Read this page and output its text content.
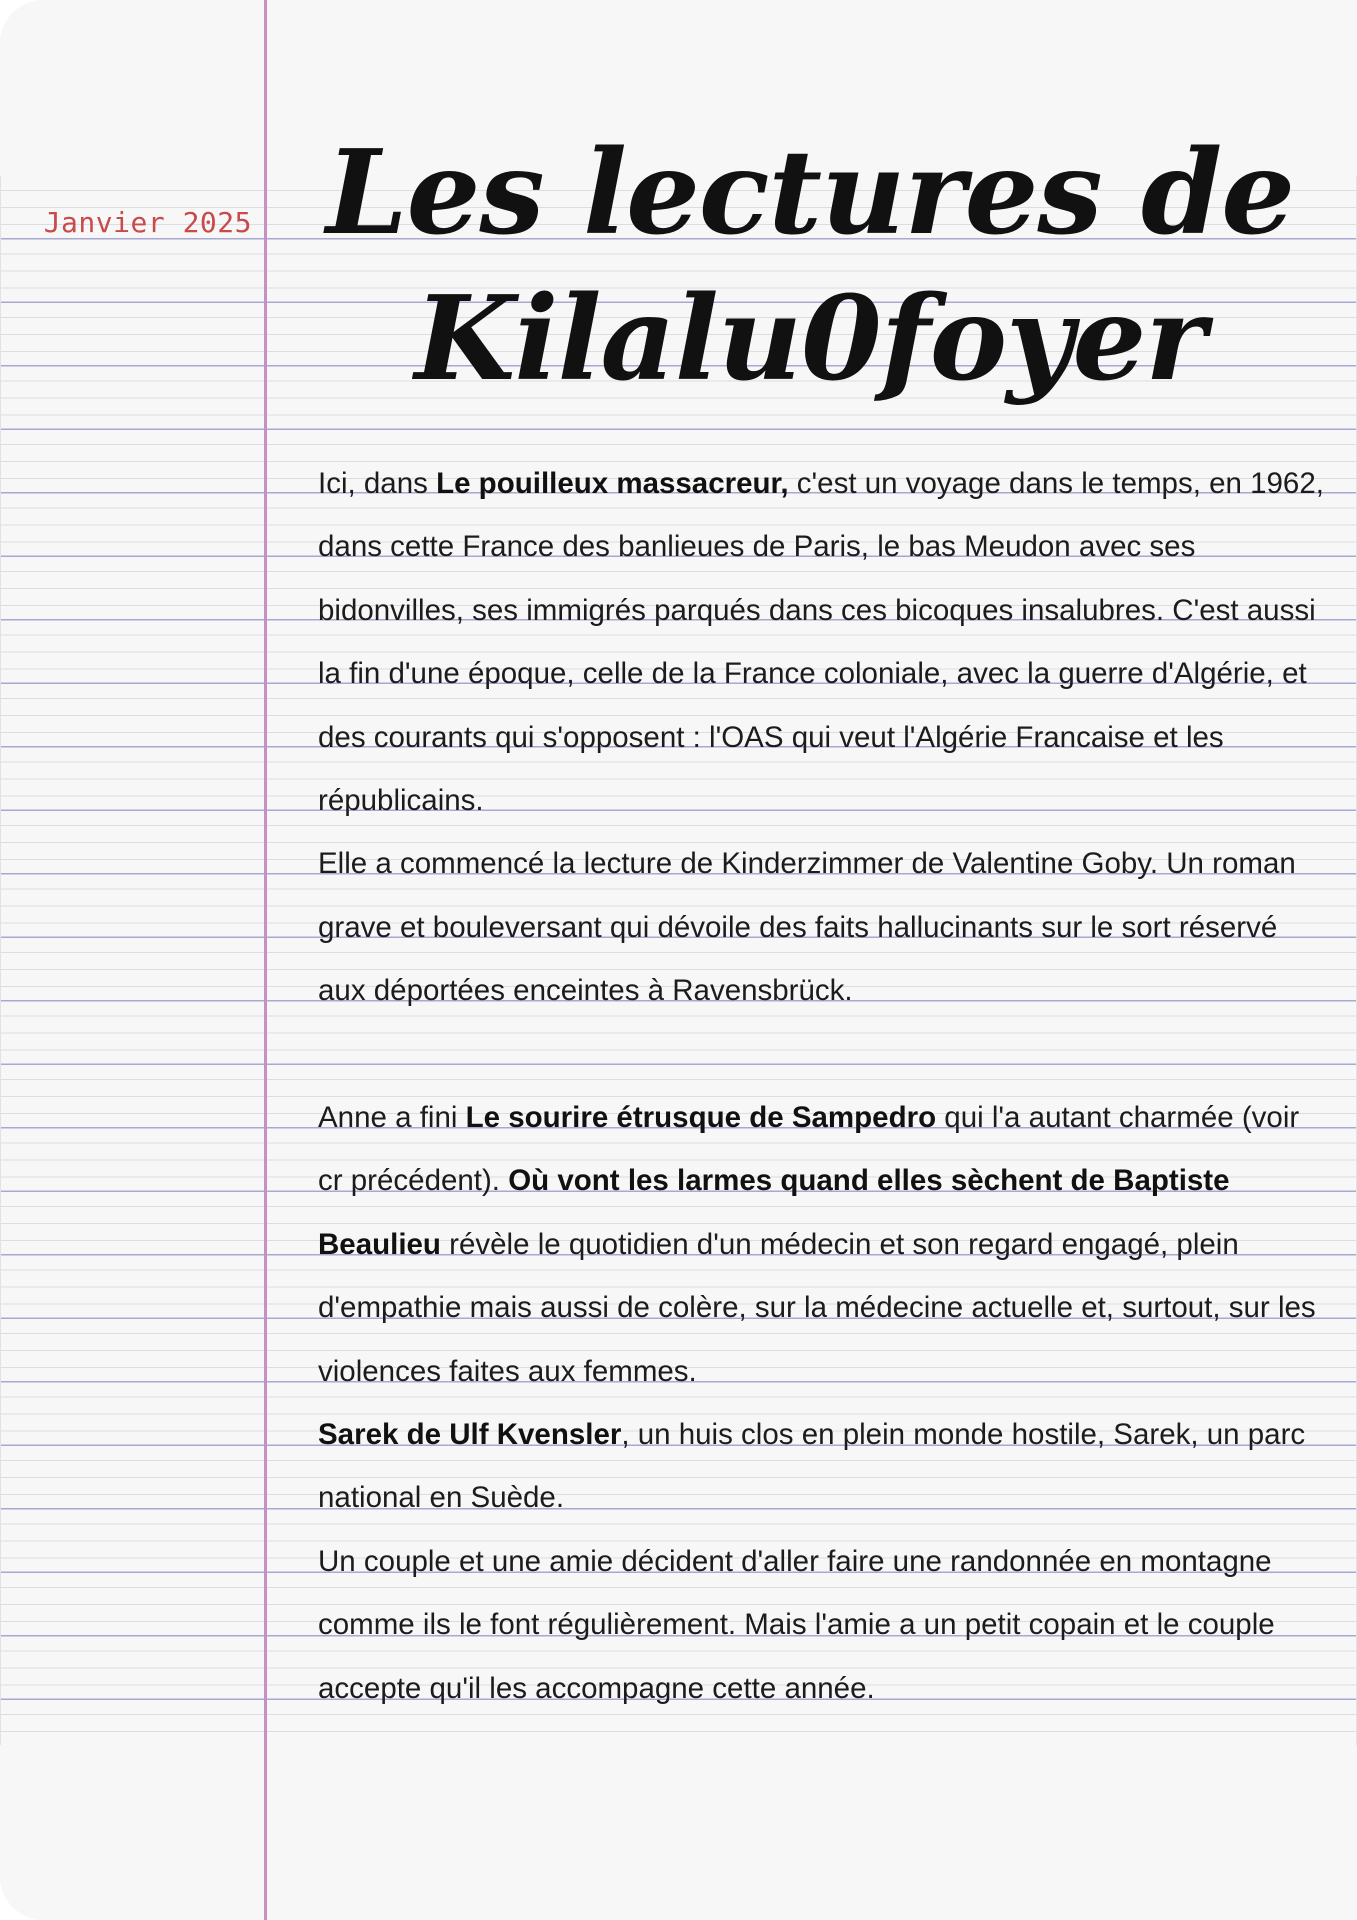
Janvier 2025 Les lectures de
Kilalu0foyer

Ici, dans Le pouilleux massacreur, c'est un voyage dans le temps, en 1962, dans cette France des banlieues de Paris, le bas Meudon avec ses bidonvilles, ses immigrés parqués dans ces bicoques insalubres. C'est aussi la fin d'une époque, celle de la France coloniale, avec la guerre d'Algérie, et des courants qui s'opposent : l'OAS qui veut l'Algérie Francaise et les républicains.

Elle a commencé la lecture de Kinderzimmer de Valentine Goby. Un roman grave et bouleversant qui dévoile des faits hallucinants sur le sort réservé aux déportées enceintes à Ravensbrück.

Anne a fini Le sourire étrusque de Sampedro qui l'a autant charmée (voir cr précédent). Où vont les larmes quand elles sèchent de Baptiste Beaulieu révèle le quotidien d'un médecin et son regard engagé, plein d'empathie mais aussi de colère, sur la médecine actuelle et, surtout, sur les violences faites aux femmes.

Sarek de Ulf Kvensler, un huis clos en plein monde hostile, Sarek, un parc national en Suède.

Un couple et une amie décident d'aller faire une randonnée en montagne comme ils le font régulièrement. Mais l'amie a un petit copain et le couple accepte qu'il les accompagne cette année.
